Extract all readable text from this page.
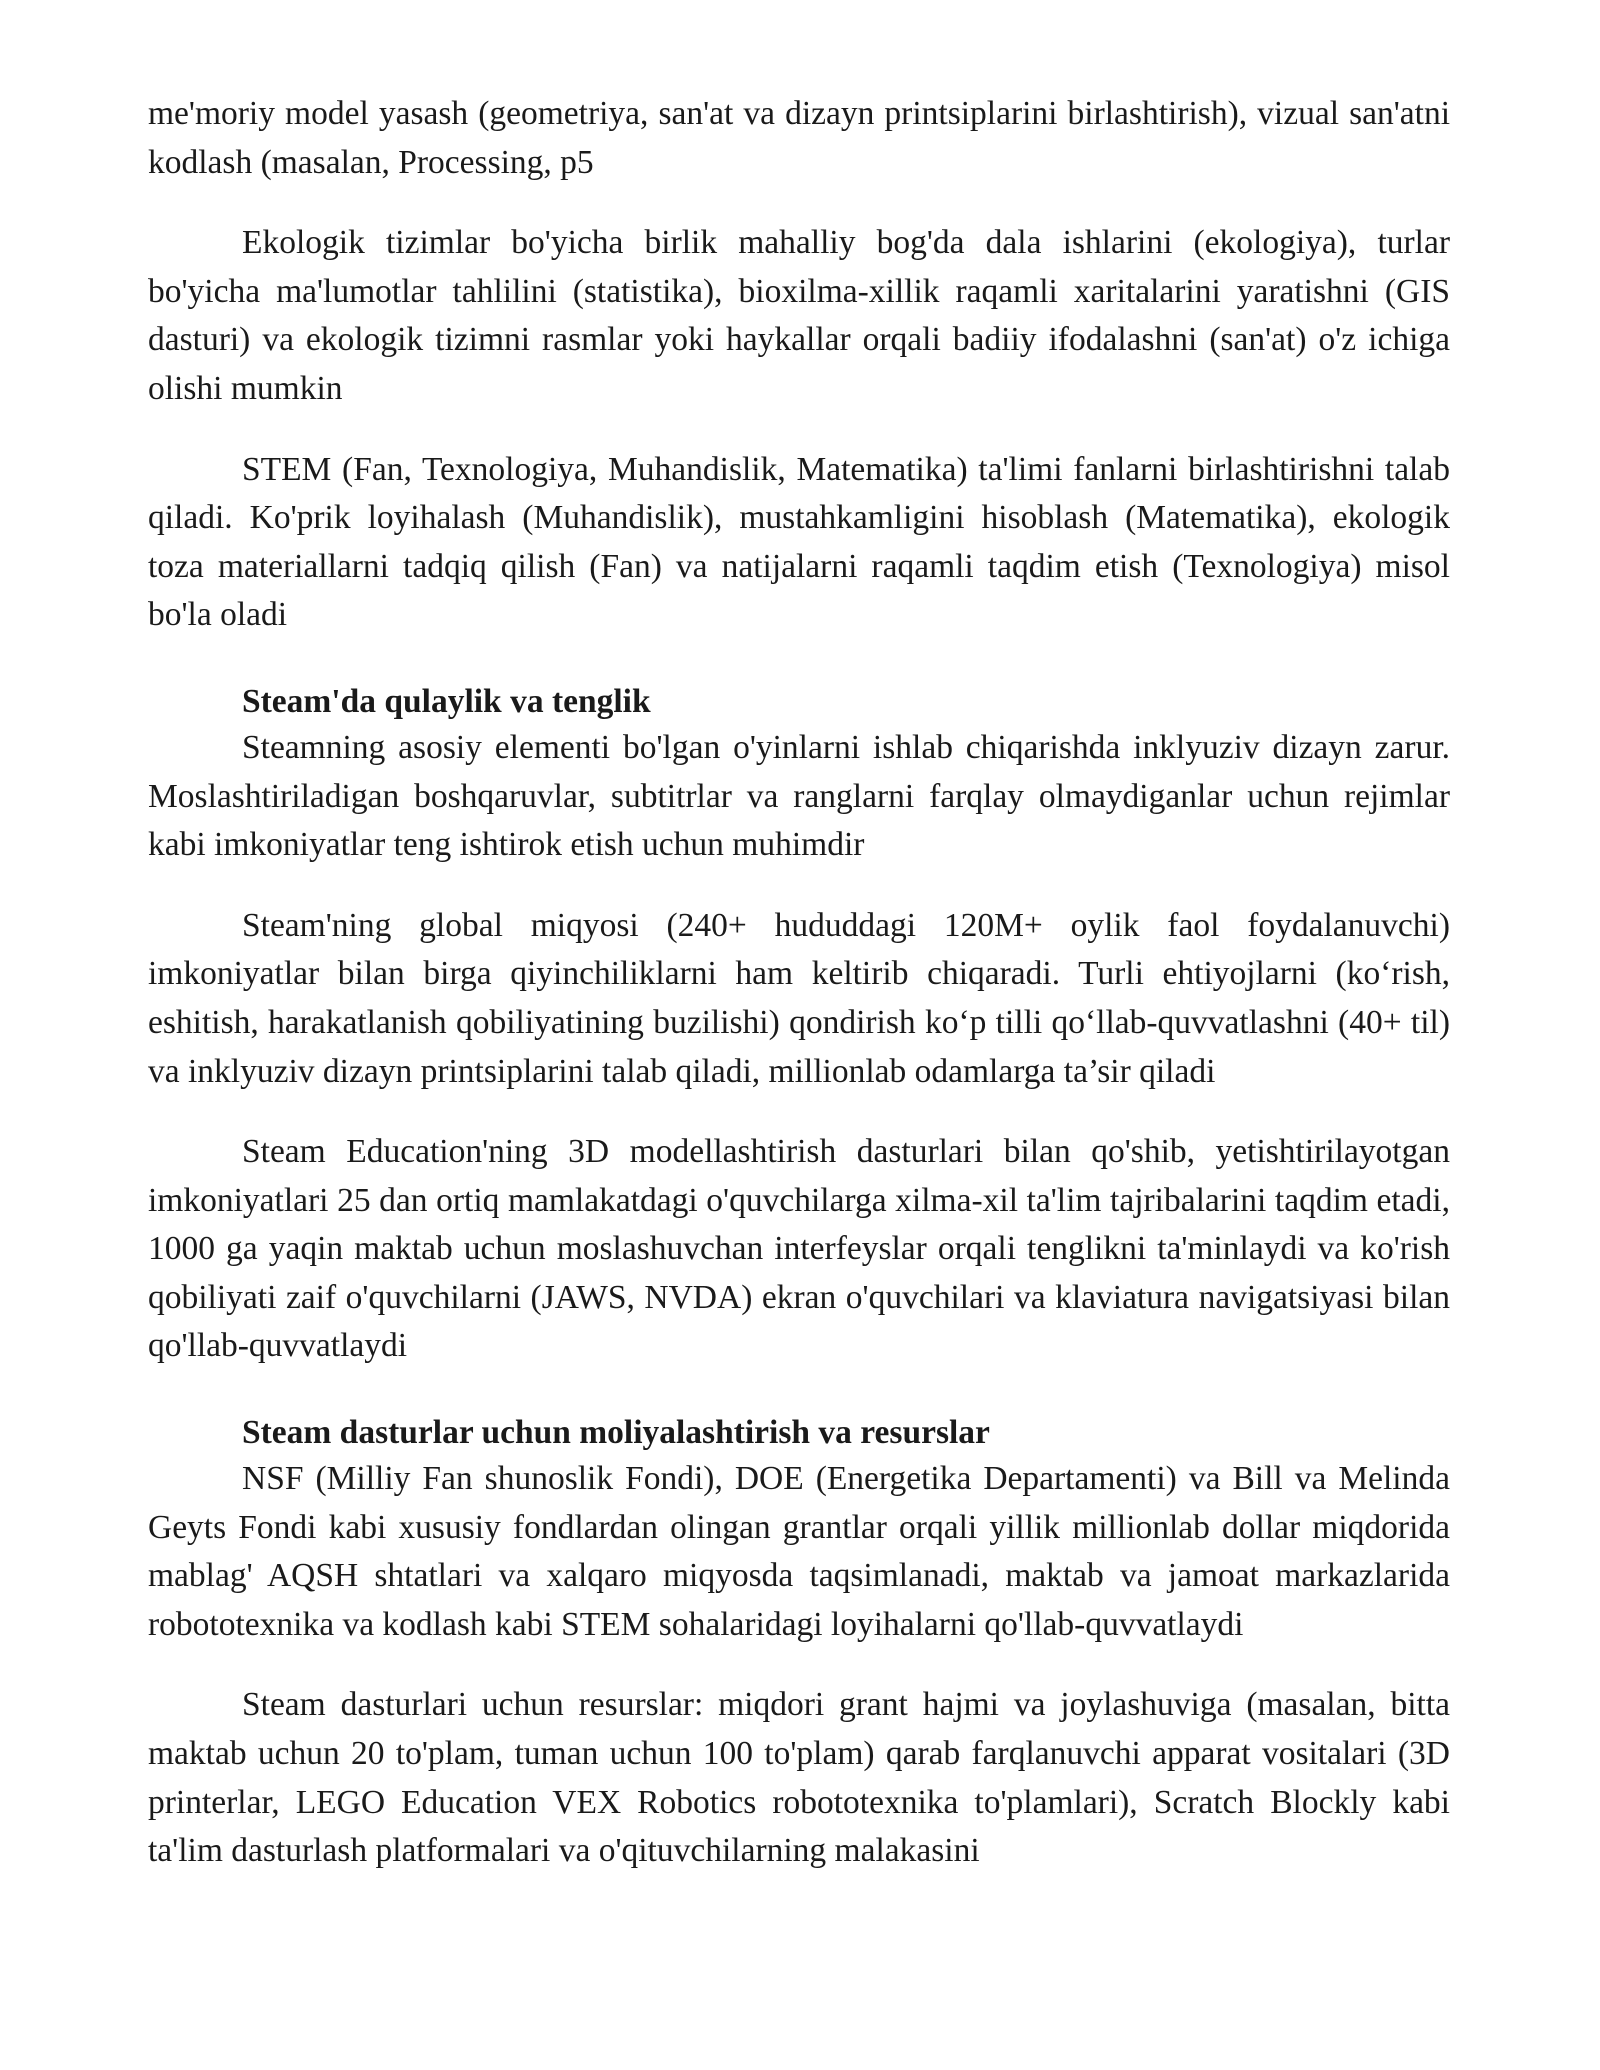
me'moriy model yasash (geometriya, san'at va dizayn printsiplarini birlashtirish), vizual san'atni kodlash (masalan, Processing, p5

Ekologik tizimlar bo'yicha birlik mahalliy bog'da dala ishlarini (ekologiya), turlar bo'yicha ma'lumotlar tahlilini (statistika), bioxilma-xillik raqamli xaritalarini yaratishni (GIS dasturi) va ekologik tizimni rasmlar yoki haykallar orqali badiiy ifodalashni (san'at) o'z ichiga olishi mumkin

STEM (Fan, Texnologiya, Muhandislik, Matematika) ta'limi fanlarni birlashtirishni talab qiladi. Ko'prik loyihalash (Muhandislik), mustahkamligini hisoblash (Matematika), ekologik toza materiallarni tadqiq qilish (Fan) va natijalarni raqamli taqdim etish (Texnologiya) misol bo'la oladi

Steam'da qulaylik va tenglik

Steamning asosiy elementi bo'lgan o'yinlarni ishlab chiqarishda inklyuziv dizayn zarur. Moslashtiriladigan boshqaruvlar, subtitrlar va ranglarni farqlay olmaydiganlar uchun rejimlar kabi imkoniyatlar teng ishtirok etish uchun muhimdir

Steam'ning global miqyosi (240+ hududdagi 120M+ oylik faol foydalanuvchi) imkoniyatlar bilan birga qiyinchiliklarni ham keltirib chiqaradi. Turli ehtiyojlarni (ko‘rish, eshitish, harakatlanish qobiliyatining buzilishi) qondirish ko‘p tilli qo‘llab-quvvatlashni (40+ til) va inklyuziv dizayn printsiplarini talab qiladi, millionlab odamlarga ta’sir qiladi

Steam Education'ning 3D modellashtirish dasturlari bilan qo'shib, yetishtirilayotgan imkoniyatlari 25 dan ortiq mamlakatdagi o'quvchilarga xilma-xil ta'lim tajribalarini taqdim etadi, 1000 ga yaqin maktab uchun moslashuvchan interfeyslar orqali tenglikni ta'minlaydi va ko'rish qobiliyati zaif o'quvchilarni (JAWS, NVDA) ekran o'quvchilari va klaviatura navigatsiyasi bilan qo'llab-quvvatlaydi

Steam dasturlar uchun moliyalashtirish va resurslar

NSF (Milliy Fan shunoslik Fondi), DOE (Energetika Departamenti) va Bill va Melinda Geyts Fondi kabi xususiy fondlardan olingan grantlar orqali yillik millionlab dollar miqdorida mablag' AQSH shtatlari va xalqaro miqyosda taqsimlanadi, maktab va jamoat markazlarida robototexnika va kodlash kabi STEM sohalaridagi loyihalarni qo'llab-quvvatlaydi

Steam dasturlari uchun resurslar: miqdori grant hajmi va joylashuviga (masalan, bitta maktab uchun 20 to'plam, tuman uchun 100 to'plam) qarab farqlanuvchi apparat vositalari (3D printerlar, LEGO Education VEX Robotics robototexnika to'plamlari), Scratch Blockly kabi ta'lim dasturlash platformalari va o'qituvchilarning malakasini
